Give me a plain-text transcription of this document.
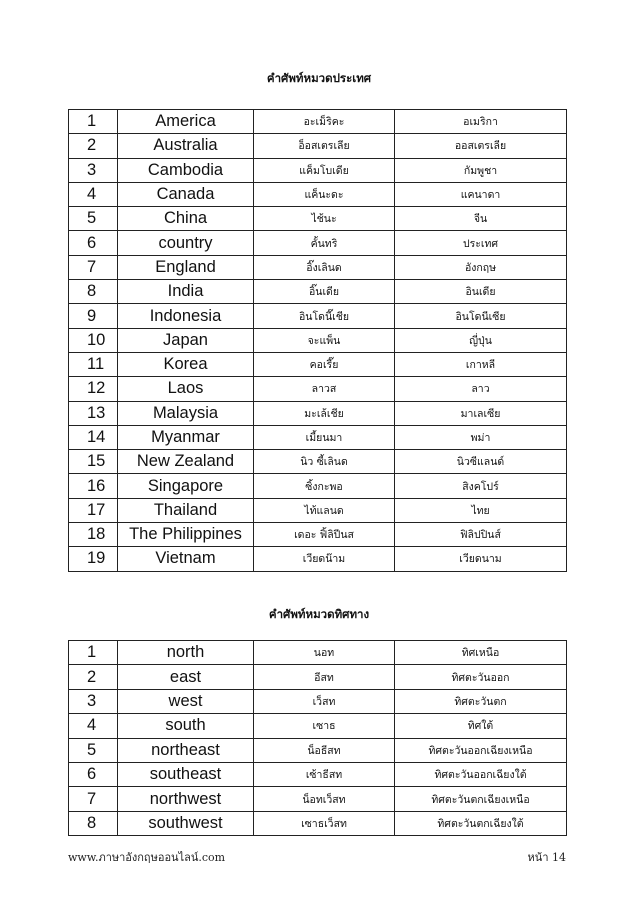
คำศัพท์หมวดประเทศ
1	America	อะเม็ริคะ	อเมริกา
2	Australia	อ็อสเตรเลีย	ออสเตรเลีย
3	Cambodia	แค็มโบเดีย	กัมพูชา
4	Canada	แค็นะดะ	แคนาดา
5	China	ไช้นะ	จีน
6	country	คั้นทริ	ประเทศ
7	England	อิ๊งเลินด	อังกฤษ
8	India	อิ๊นเดีย	อินเดีย
9	Indonesia	อินโดนี๊เชีย	อินโดนีเซีย
10	Japan	จะแพ็น	ญี่ปุ่น
11	Korea	คอเรี๊ย	เกาหลี
12	Laos	ลาวส	ลาว
13	Malaysia	มะเล้เชีย	มาเลเซีย
14	Myanmar	เมี้ยนมา	พม่า
15	New Zealand	นิว ซี้เลินด	นิวซีแลนด์
16	Singapore	ซิ้งกะพอ	สิงคโปร์
17	Thailand	ไท้แลนด	ไทย
18	The Philippines	เดอะ ฟิ้ลิปีนส	ฟิลิปปินส์
19	Vietnam	เวียดน๊าม	เวียดนาม
คำศัพท์หมวดทิศทาง
1	north	นอท	ทิศเหนือ
2	east	อีสท	ทิศตะวันออก
3	west	เว็สท	ทิศตะวันตก
4	south	เซาธ	ทิศใต้
5	northeast	น็อธีสท	ทิศตะวันออกเฉียงเหนือ
6	southeast	เซ้าธีสท	ทิศตะวันออกเฉียงใต้
7	northwest	น็อทเว็สท	ทิศตะวันตกเฉียงเหนือ
8	southwest	เซาธเว็สท	ทิศตะวันตกเฉียงใต้
www.ภาษาอังกฤษออนไลน์.com	หน้า 14
